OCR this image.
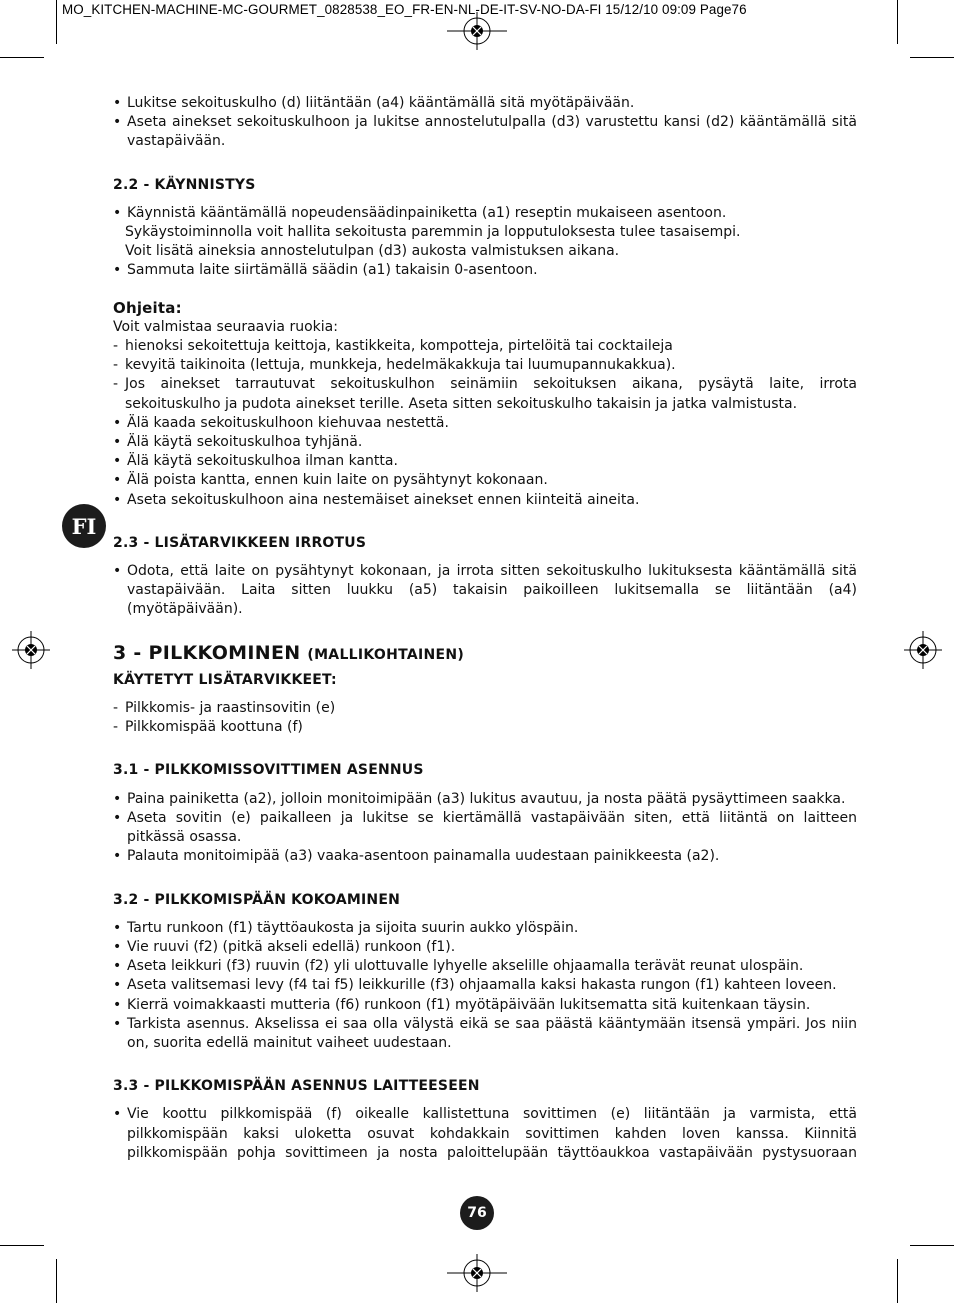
MO_KITCHEN-MACHINE-MC-GOURMET_0828538_EO_FR-EN-NL-DE-IT-SV-NO-DA-FI 15/12/10 09:09 Page76
FI
• Lukitse sekoituskulho (d) liitäntään (a4) kääntämällä sitä myötäpäivään.
• Aseta ainekset sekoituskulhoon ja lukitse annostelutulpalla (d3) varustettu kansi (d2) kääntämällä sitä vastapäivään.
2.2 - KÄYNNISTYS
• Käynnistä kääntämällä nopeudensäädinpainiketta (a1) reseptin mukaiseen asentoon.
Sykäystoiminnolla voit hallita sekoitusta paremmin ja lopputuloksesta tulee tasaisempi.
Voit lisätä aineksia annostelutulpan (d3) aukosta valmistuksen aikana.
• Sammuta laite siirtämällä säädin (a1) takaisin 0-asentoon.
Ohjeita:
Voit valmistaa seuraavia ruokia:
- hienoksi sekoitettuja keittoja, kastikkeita, kompotteja, pirtelöitä tai cocktaileja
- kevyitä taikinoita (lettuja, munkkeja, hedelmäkakkuja tai luumupannukakkua).
- Jos ainekset tarrautuvat sekoituskulhon seinämiin sekoituksen aikana, pysäytä laite, irrota sekoituskulho ja pudota ainekset terille. Aseta sitten sekoituskulho takaisin ja jatka valmistusta.
• Älä kaada sekoituskulhoon kiehuvaa nestettä.
• Älä käytä sekoituskulhoa tyhjänä.
• Älä käytä sekoituskulhoa ilman kantta.
• Älä poista kantta, ennen kuin laite on pysähtynyt kokonaan.
• Aseta sekoituskulhoon aina nestemäiset ainekset ennen kiinteitä aineita.
2.3 - LISÄTARVIKKEEN IRROTUS
• Odota, että laite on pysähtynyt kokonaan, ja irrota sitten sekoituskulho lukituksesta kääntämällä sitä vastapäivään. Laita sitten luukku (a5) takaisin paikoilleen lukitsemalla se liitäntään (a4) (myötäpäivään).
3 - PILKKOMINEN (MALLIKOHTAINEN)
KÄYTETYT LISÄTARVIKKEET:
- Pilkkomis- ja raastinsovitin (e)
- Pilkkomispää koottuna (f)
3.1 - PILKKOMISSOVITTIMEN ASENNUS
• Paina painiketta (a2), jolloin monitoimipään (a3) lukitus avautuu, ja nosta päätä pysäyttimeen saakka.
• Aseta sovitin (e) paikalleen ja lukitse se kiertämällä vastapäivään siten, että liitäntä on laitteen pitkässä osassa.
• Palauta monitoimipää (a3) vaaka-asentoon painamalla uudestaan painikkeesta (a2).
3.2 - PILKKOMISPÄÄN KOKOAMINEN
• Tartu runkoon (f1) täyttöaukosta ja sijoita suurin aukko ylöspäin.
• Vie ruuvi (f2) (pitkä akseli edellä) runkoon (f1).
• Aseta leikkuri (f3) ruuvin (f2) yli ulottuvalle lyhyelle akselille ohjaamalla terävät reunat ulospäin.
• Aseta valitsemasi levy (f4 tai f5) leikkurille (f3) ohjaamalla kaksi hakasta rungon (f1) kahteen loveen.
• Kierrä voimakkaasti mutteria (f6) runkoon (f1) myötäpäivään lukitsematta sitä kuitenkaan täysin.
• Tarkista asennus. Akselissa ei saa olla välystä eikä se saa päästä kääntymään itsensä ympäri. Jos niin on, suorita edellä mainitut vaiheet uudestaan.
3.3 - PILKKOMISPÄÄN ASENNUS LAITTEESEEN
• Vie koottu pilkkomispää (f) oikealle kallistettuna sovittimen (e) liitäntään ja varmista, että pilkkomispään kaksi uloketta osuvat kohdakkain sovittimen kahden loven kanssa. Kiinnitä pilkkomispään pohja sovittimeen ja nosta paloittelupään täyttöaukkoa vastapäivään pystysuoraan
76
